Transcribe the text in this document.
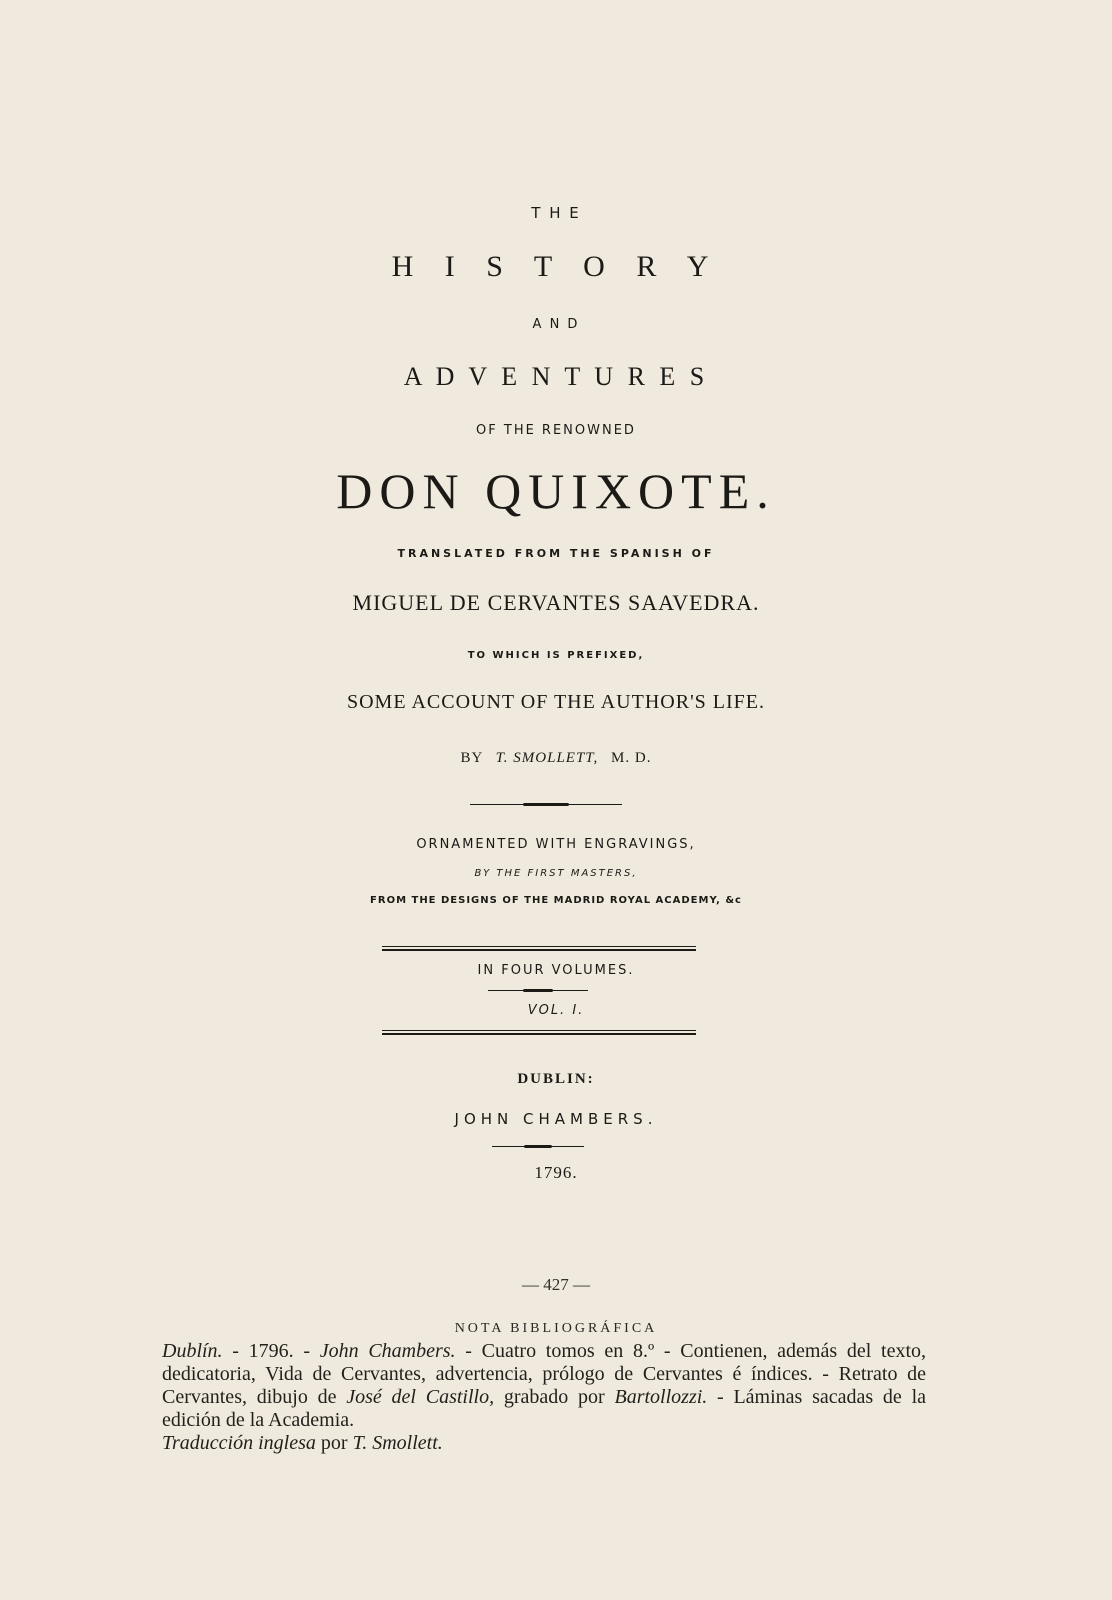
T H E
H I S T O R Y
A N D
A D V E N T U R E S
OF THE RENOWNED
DON QUIXOTE.
TRANSLATED FROM THE SPANISH OF
MIGUEL DE CERVANTES SAAVEDRA.
TO WHICH IS PREFIXED,
SOME ACCOUNT OF THE AUTHOR'S LIFE.
BY T. SMOLLETT, M. D.
ORNAMENTED WITH ENGRAVINGS,
BY THE FIRST MASTERS,
FROM THE DESIGNS OF THE MADRID ROYAL ACADEMY, &c
IN FOUR VOLUMES.
VOL. I.
DUBLIN:
JOHN CHAMBERS.
1796.
— 427 —
NOTA BIBLIOGRÁFICA

Dublín. - 1796. - John Chambers. - Cuatro tomos en 8.º - Contienen, además del texto, dedicatoria, Vida de Cervantes, advertencia, prólogo de Cervantes é índices. - Retrato de Cervantes, dibujo de José del Castillo, grabado por Bartollozzi. - Láminas sacadas de la edición de la Academia.

Traducción inglesa por T. Smollett.
